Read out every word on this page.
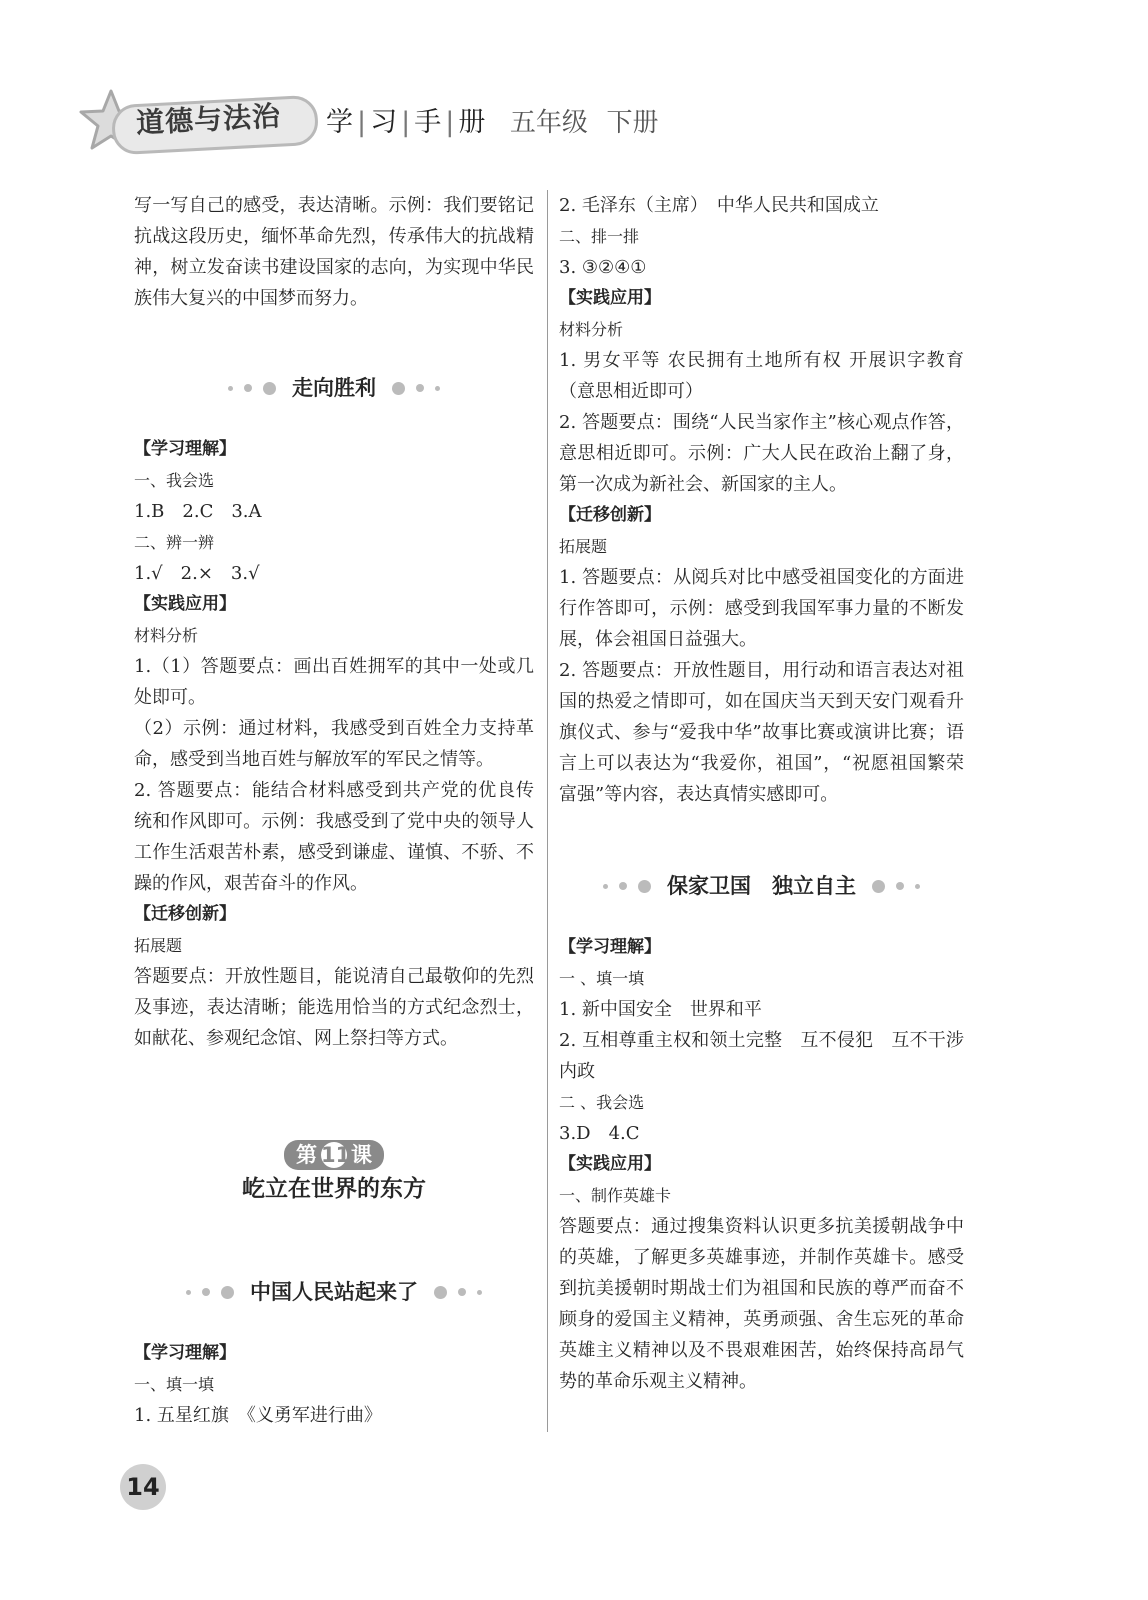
道德与法治 学 | 习 | 手 | 册 五年级 下册

写一写自己的感受，表达清晰。示例：我们要铭记抗战这段历史，缅怀革命先烈，传承伟大的抗战精神，树立发奋读书建设国家的志向，为实现中华民族伟大复兴的中国梦而努力。

走向胜利

【学习理解】

一、我会选

1.B　2.C　3.A

二、辨一辨

1.√　2.×　3.√

【实践应用】

材料分析

1.（1）答题要点：画出百姓拥军的其中一处或几处即可。

（2）示例：通过材料，我感受到百姓全力支持革命，感受到当地百姓与解放军的军民之情等。

2. 答题要点：能结合材料感受到共产党的优良传统和作风即可。示例：我感受到了党中央的领导人工作生活艰苦朴素，感受到谦虚、谨慎、不骄、不躁的作风，艰苦奋斗的作风。

【迁移创新】

拓展题

答题要点：开放性题目，能说清自己最敬仰的先烈及事迹，表达清晰；能选用恰当的方式纪念烈士，如献花、参观纪念馆、网上祭扫等方式。

第 11课
屹立在世界的东方
中国人民站起来了

【学习理解】

一、填一填

1. 五星红旗　《义勇军进行曲》

2. 毛泽东（主席）　中华人民共和国成立

二、排一排

3. ③②④①

【实践应用】

材料分析

1. 男女平等 农民拥有土地所有权 开展识字教育（意思相近即可）

2. 答题要点：围绕“人民当家作主”核心观点作答，意思相近即可。示例：广大人民在政治上翻了身，第一次成为新社会、新国家的主人。

【迁移创新】

拓展题

1. 答题要点：从阅兵对比中感受祖国变化的方面进行作答即可，示例：感受到我国军事力量的不断发展，体会祖国日益强大。

2. 答题要点：开放性题目，用行动和语言表达对祖国的热爱之情即可，如在国庆当天到天安门观看升旗仪式、参与“爱我中华”故事比赛或演讲比赛；语言上可以表达为“我爱你，祖国”，“祝愿祖国繁荣富强”等内容，表达真情实感即可。

保家卫国　独立自主

【学习理解】

一 、填一填

1. 新中国安全　世界和平

2. 互相尊重主权和领土完整　互不侵犯　互不干涉内政

二 、我会选

3.D　4.C

【实践应用】

一、制作英雄卡

答题要点：通过搜集资料认识更多抗美援朝战争中的英雄，了解更多英雄事迹，并制作英雄卡。感受到抗美援朝时期战士们为祖国和民族的尊严而奋不顾身的爱国主义精神，英勇顽强、舍生忘死的革命英雄主义精神以及不畏艰难困苦，始终保持高昂气势的革命乐观主义精神。

14
